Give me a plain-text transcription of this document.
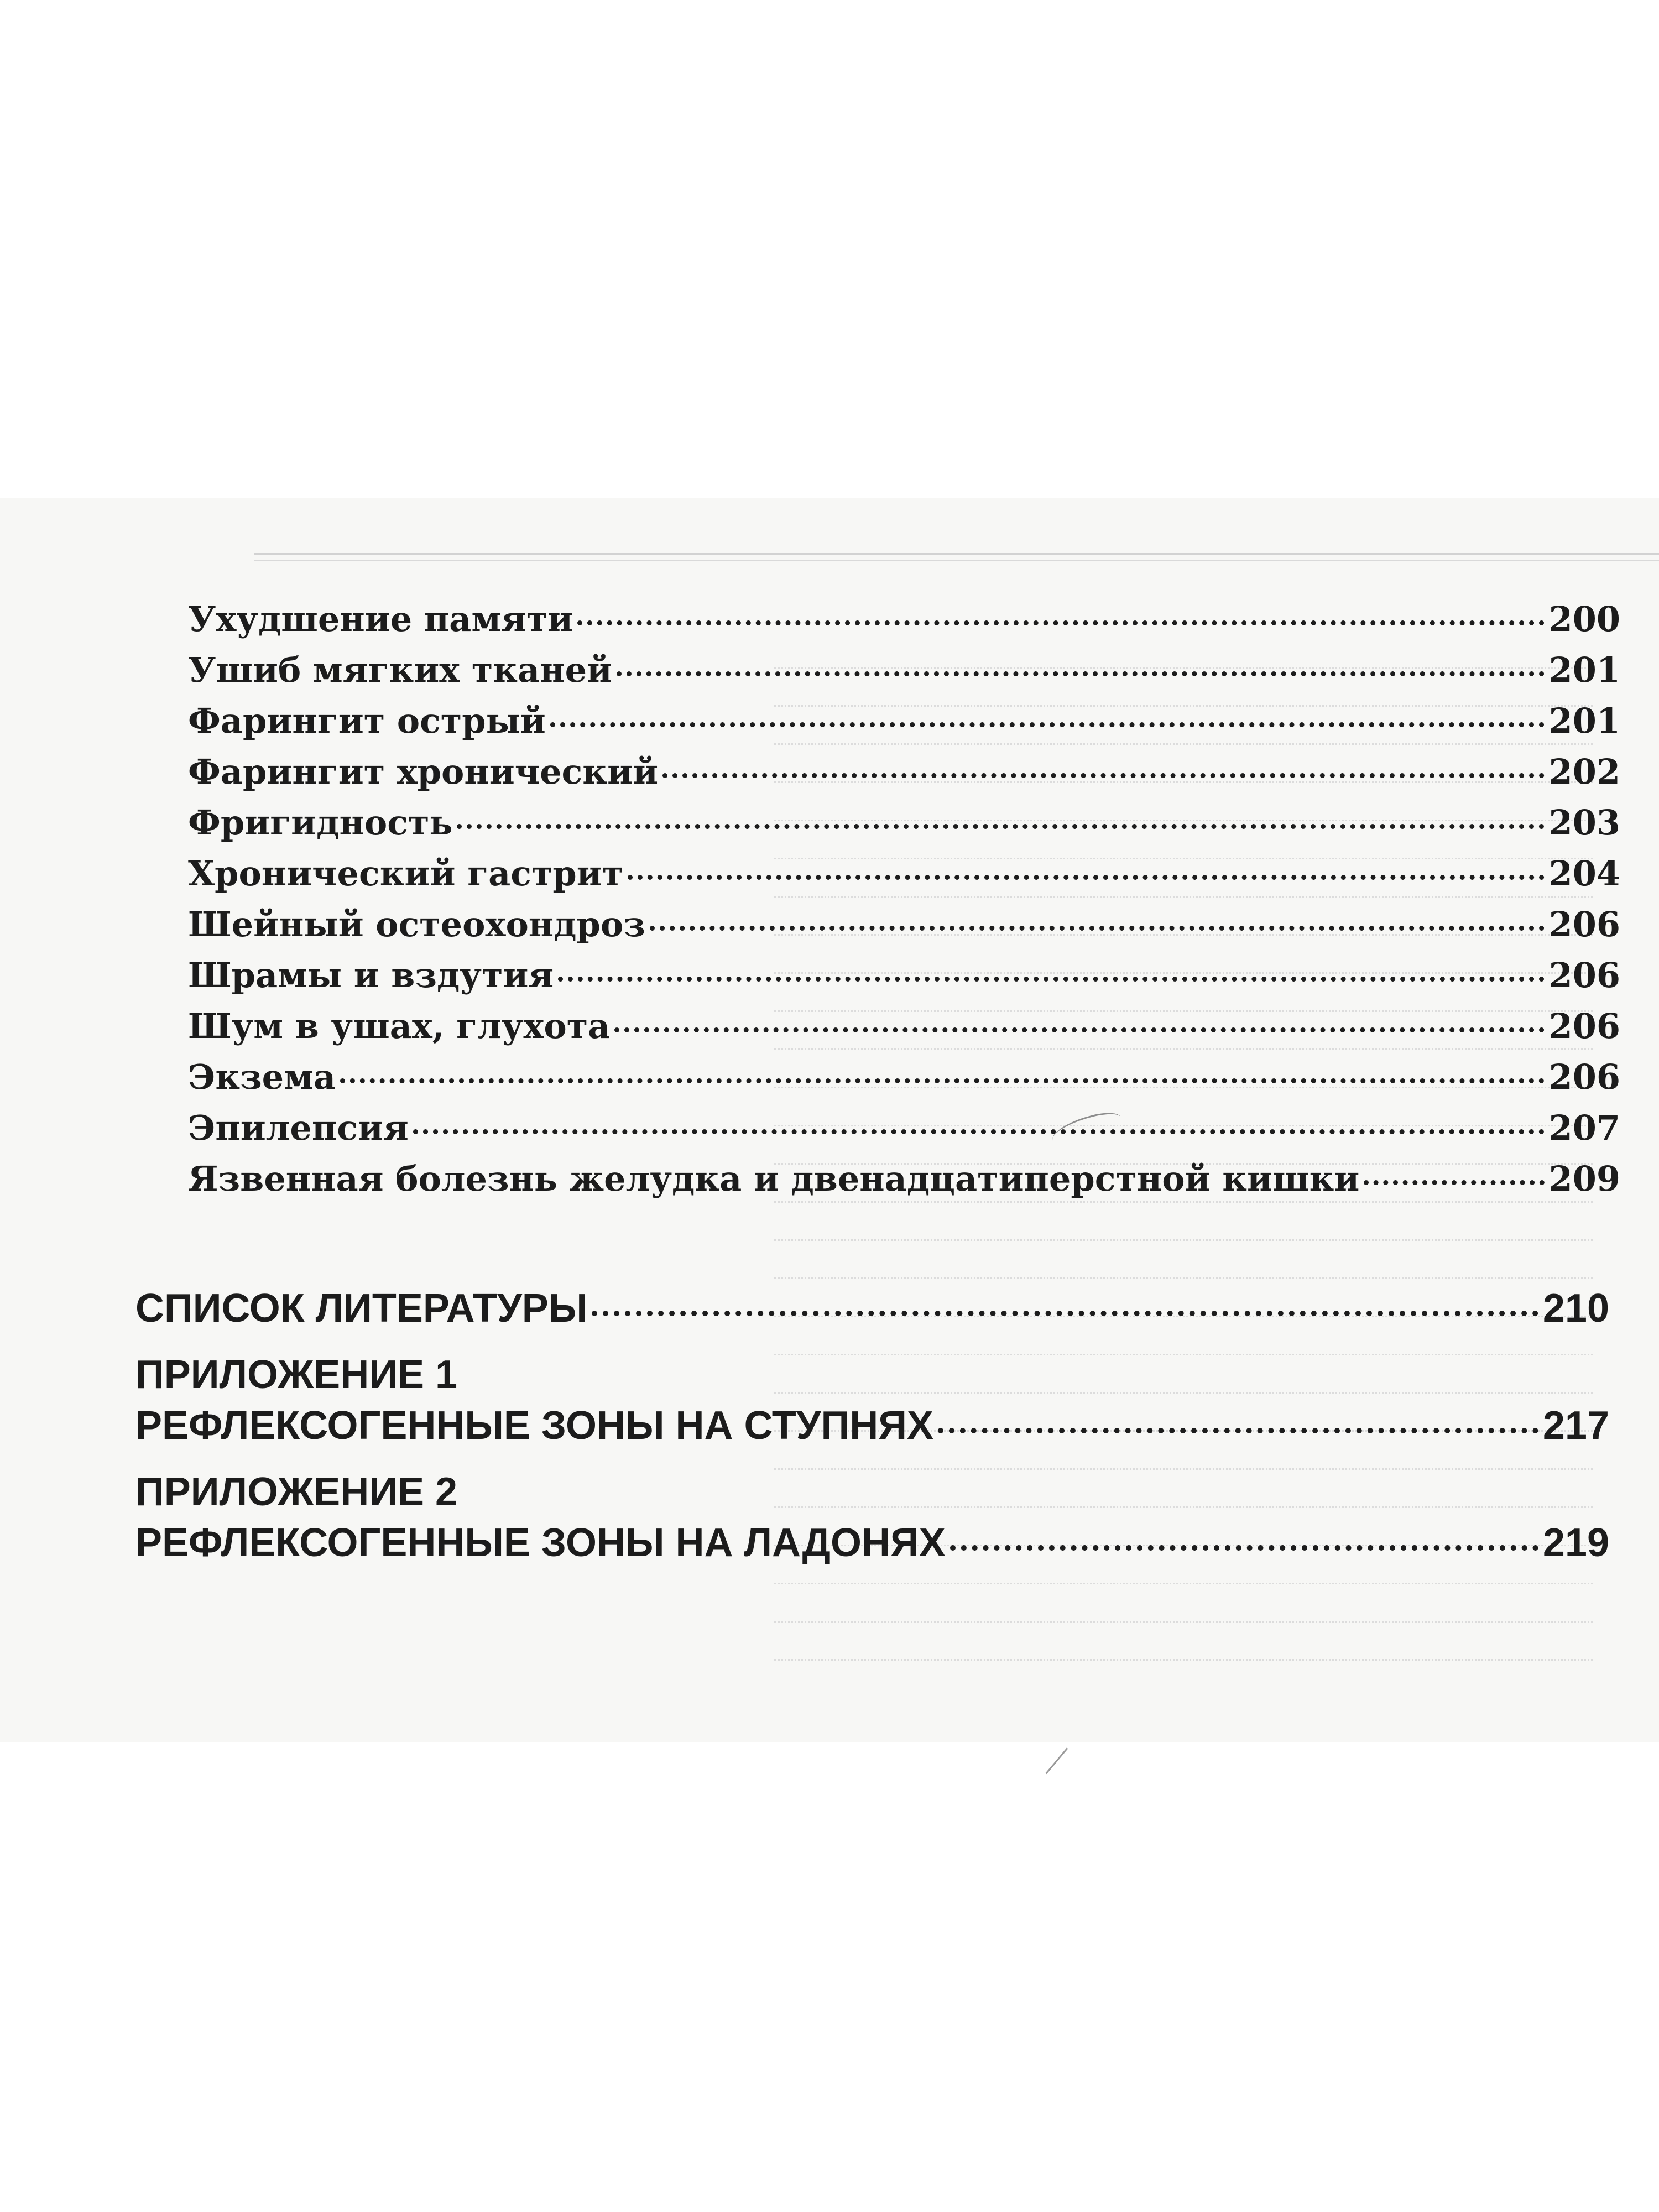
Ухудшение памяти	200
Ушиб мягких тканей	201
Фарингит острый	201
Фарингит хронический	202
Фригидность	203
Хронический гастрит	204
Шейный остеохондроз	206
Шрамы и вздутия	206
Шум в ушах, глухота	206
Экзема	206
Эпилепсия	207
Язвенная болезнь желудка и двенадцатиперстной кишки	209
СПИСОК ЛИТЕРАТУРЫ	210
ПРИЛОЖЕНИЕ 1
РЕФЛЕКСОГЕННЫЕ ЗОНЫ НА СТУПНЯХ	217
ПРИЛОЖЕНИЕ 2
РЕФЛЕКСОГЕННЫЕ ЗОНЫ НА ЛАДОНЯХ	219
